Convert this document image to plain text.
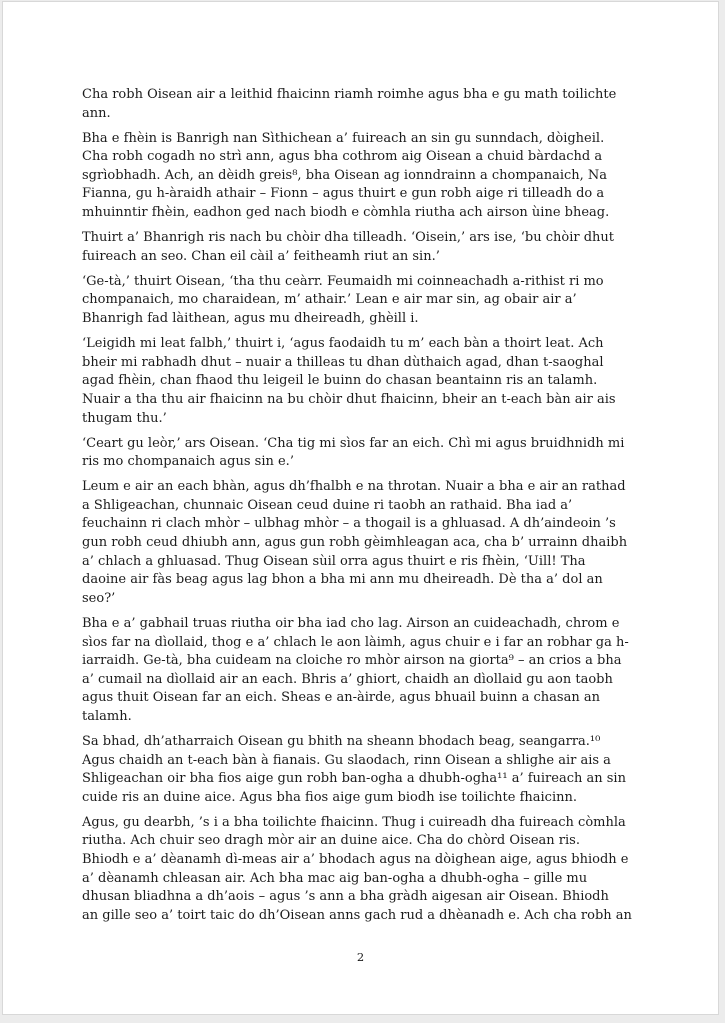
Cha robh Oisean air a leithid fhaicinn riamh roimhe agus bha e gu math toilichte
ann.

Bha e fhèin is Banrigh nan Sìthichean a’ fuireach an sin gu sunndach, dòigheil.
Cha robh cogadh no strì ann, agus bha cothrom aig Oisean a chuid bàrdachd a
sgrìobhadh. Ach, an dèidh greis⁸, bha Oisean ag ionndrainn a chompanaich, Na
Fianna, gu h-àraidh athair – Fionn – agus thuirt e gun robh aige ri tilleadh do a
mhuinntir fhèin, eadhon ged nach biodh e còmhla riutha ach airson ùine bheag.

Thuirt a’ Bhanrigh ris nach bu chòir dha tilleadh. ‘Oisein,’ ars ise, ‘bu chòir dhut
fuireach an seo. Chan eil càil a’ feitheamh riut an sin.’

‘Ge-tà,’ thuirt Oisean, ‘tha thu ceàrr. Feumaidh mi coinneachadh a-rithist ri mo
chompanaich, mo charaidean, m’ athair.’ Lean e air mar sin, ag obair air a’
Bhanrigh fad làithean, agus mu dheireadh, ghèill i.

‘Leigidh mi leat falbh,’ thuirt i, ‘agus faodaidh tu m’ each bàn a thoirt leat. Ach
bheir mi rabhadh dhut – nuair a thilleas tu dhan dùthaich agad, dhan t-saoghal
agad fhèin, chan fhaod thu leigeil le buinn do chasan beantainn ris an talamh.
Nuair a tha thu air fhaicinn na bu chòir dhut fhaicinn, bheir an t-each bàn air ais
thugam thu.’

‘Ceart gu leòr,’ ars Oisean. ‘Cha tig mi sìos far an eich. Chì mi agus bruidhnidh mi
ris mo chompanaich agus sin e.’

Leum e air an each bhàn, agus dh’fhalbh e na throtan. Nuair a bha e air an rathad
a Shligeachan, chunnaic Oisean ceud duine ri taobh an rathaid. Bha iad a’
feuchainn ri clach mhòr – ulbhag mhòr – a thogail is a ghluasad. A dh’aindeoin ’s
gun robh ceud dhiubh ann, agus gun robh gèimhleagan aca, cha b’ urrainn dhaibh
a’ chlach a ghluasad. Thug Oisean sùil orra agus thuirt e ris fhèin, ‘Uill! Tha
daoine air fàs beag agus lag bhon a bha mi ann mu dheireadh. Dè tha a’ dol an
seo?’

Bha e a’ gabhail truas riutha oir bha iad cho lag. Airson an cuideachadh, chrom e
sìos far na dìollaid, thog e a’ chlach le aon làimh, agus chuir e i far an robhar ga h-
iarraidh. Ge-tà, bha cuideam na cloiche ro mhòr airson na giorta⁹ – an crios a bha
a’ cumail na dìollaid air an each. Bhris a’ ghiort, chaidh an dìollaid gu aon taobh
agus thuit Oisean far an eich. Sheas e an-àirde, agus bhuail buinn a chasan an
talamh.

Sa bhad, dh’atharraich Oisean gu bhith na sheann bhodach beag, seangarra.¹⁰
Agus chaidh an t-each bàn à fianais. Gu slaodach, rinn Oisean a shlighe air ais a
Shligeachan oir bha fios aige gun robh ban-ogha a dhubh-ogha¹¹ a’ fuireach an sin
cuide ris an duine aice. Agus bha fios aige gum biodh ise toilichte fhaicinn.

Agus, gu dearbh, ’s i a bha toilichte fhaicinn. Thug i cuireadh dha fuireach còmhla
riutha. Ach chuir seo dragh mòr air an duine aice. Cha do chòrd Oisean ris.
Bhiodh e a’ dèanamh dì-meas air a’ bhodach agus na dòighean aige, agus bhiodh e
a’ dèanamh chleasan air. Ach bha mac aig ban-ogha a dhubh-ogha – gille mu
dhusan bliadhna a dh’aois – agus ’s ann a bha gràdh aigesan air Oisean. Bhiodh
an gille seo a’ toirt taic do dh’Oisean anns gach rud a dhèanadh e. Ach cha robh an

2
